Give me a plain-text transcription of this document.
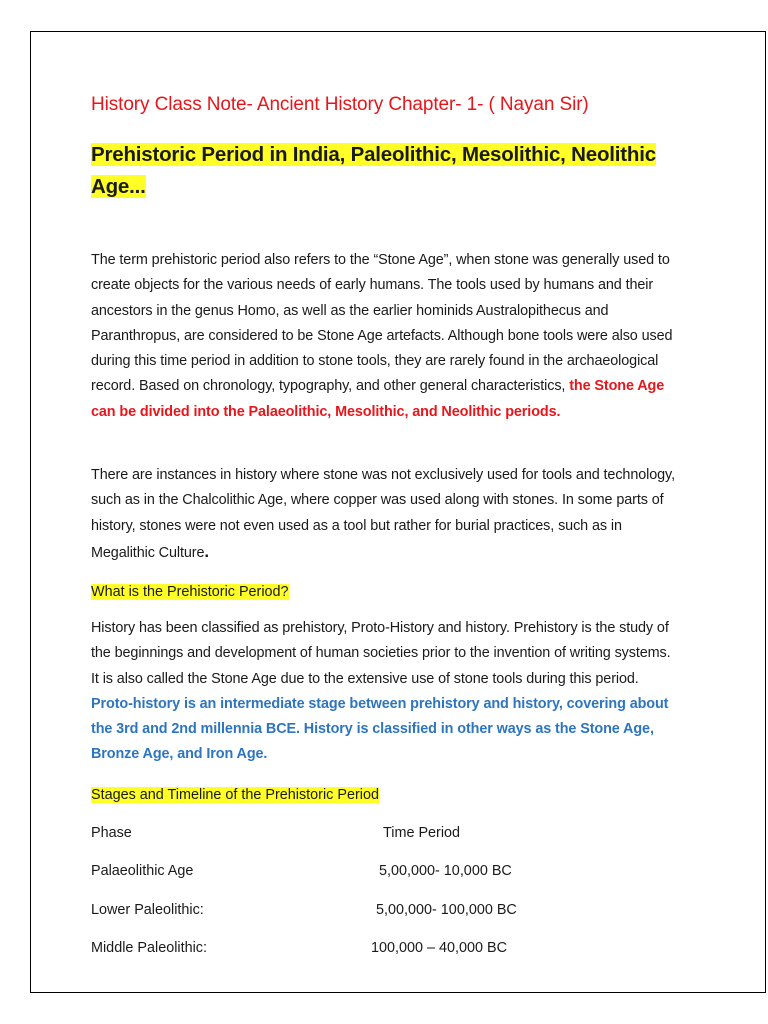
History Class Note- Ancient History Chapter- 1- ( Nayan Sir)
Prehistoric Period in India, Paleolithic, Mesolithic, Neolithic Age...

The term prehistoric period also refers to the “Stone Age”, when stone was generally used to create objects for the various needs of early humans. The tools used by humans and their ancestors in the genus Homo, as well as the earlier hominids Australopithecus and Paranthropus, are considered to be Stone Age artefacts. Although bone tools were also used during this time period in addition to stone tools, they are rarely found in the archaeological record. Based on chronology, typography, and other general characteristics, the Stone Age can be divided into the Palaeolithic, Mesolithic, and Neolithic periods.

There are instances in history where stone was not exclusively used for tools and technology, such as in the Chalcolithic Age, where copper was used along with stones. In some parts of history, stones were not even used as a tool but rather for burial practices, such as in Megalithic Culture.

What is the Prehistoric Period?

History has been classified as prehistory, Proto-History and history. Prehistory is the study of the beginnings and development of human societies prior to the invention of writing systems. It is also called the Stone Age due to the extensive use of stone tools during this period. Proto-history is an intermediate stage between prehistory and history, covering about the 3rd and 2nd millennia BCE. History is classified in other ways as the Stone Age, Bronze Age, and Iron Age.

Stages and Timeline of the Prehistoric Period
Phase	Time Period
Palaeolithic Age	5,00,000- 10,000 BC
Lower Paleolithic:	5,00,000- 100,000 BC
Middle Paleolithic:	100,000 – 40,000 BC
